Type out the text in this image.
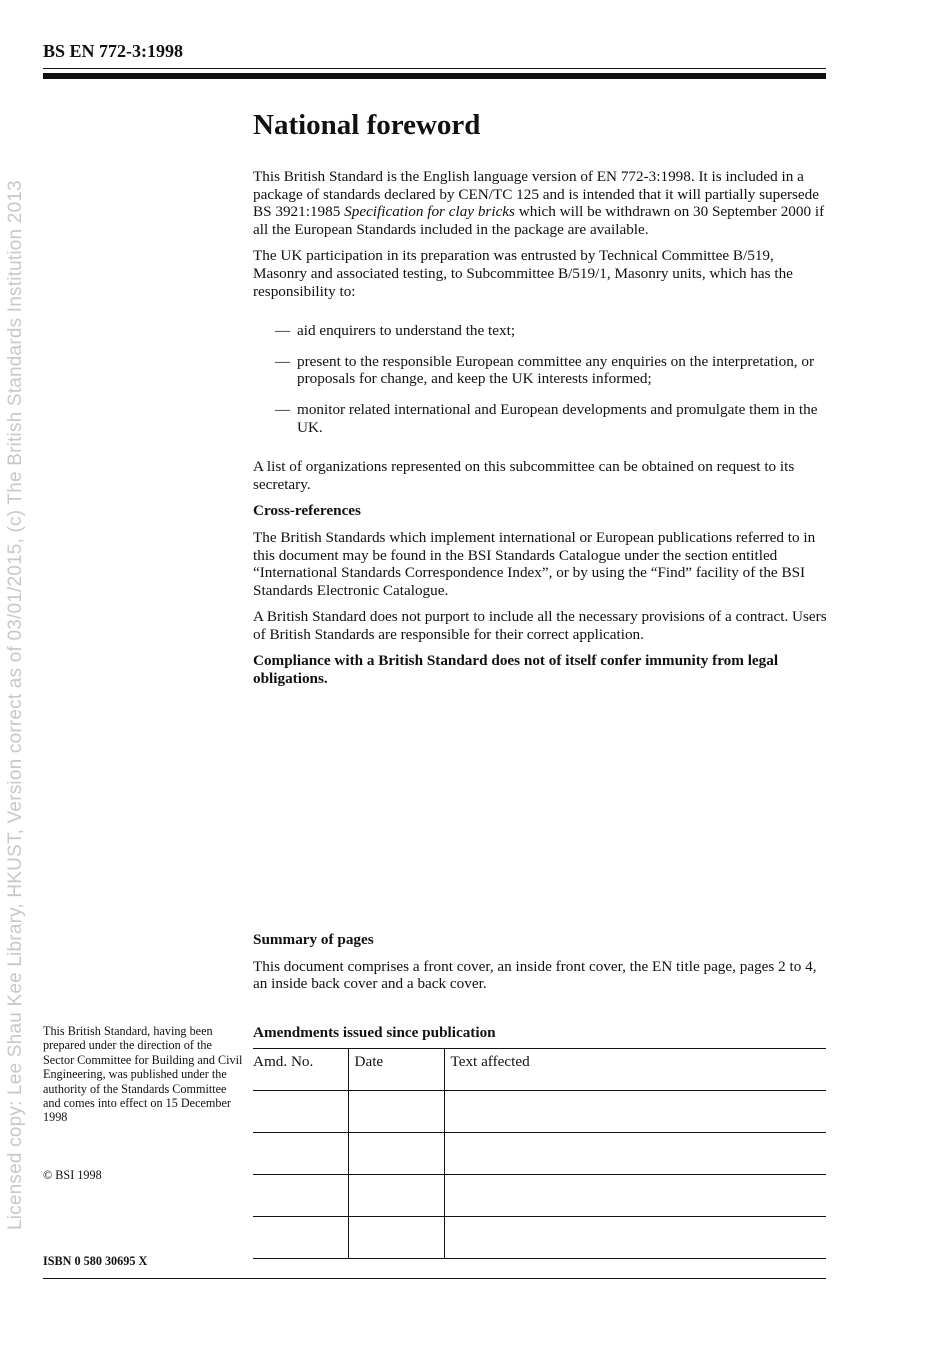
BS EN 772-3:1998
Licensed copy: Lee Shau Kee Library, HKUST, Version correct as of 03/01/2015, (c) The British Standards Institution 2013
National foreword

This British Standard is the English language version of EN 772-3:1998. It is included in a package of standards declared by CEN/TC 125 and is intended that it will partially supersede BS 3921:1985 Specification for clay bricks which will be withdrawn on 30 September 2000 if all the European Standards included in the package are available.

The UK participation in its preparation was entrusted by Technical Committee B/519, Masonry and associated testing, to Subcommittee B/519/1, Masonry units, which has the responsibility to:

— aid enquirers to understand the text;
— present to the responsible European committee any enquiries on the interpretation, or proposals for change, and keep the UK interests informed;
— monitor related international and European developments and promulgate them in the UK.

A list of organizations represented on this subcommittee can be obtained on request to its secretary.

Cross-references

The British Standards which implement international or European publications referred to in this document may be found in the BSI Standards Catalogue under the section entitled “International Standards Correspondence Index”, or by using the “Find” facility of the BSI Standards Electronic Catalogue.

A British Standard does not purport to include all the necessary provisions of a contract. Users of British Standards are responsible for their correct application.

Compliance with a British Standard does not of itself confer immunity from legal obligations.

Summary of pages

This document comprises a front cover, an inside front cover, the EN title page, pages 2 to 4, an inside back cover and a back cover.

Amendments issued since publication
Amd. No.	Date	Text affected

This British Standard, having been prepared under the direction of the Sector Committee for Building and Civil Engineering, was published under the authority of the Standards Committee and comes into effect on 15 December 1998
© BSI 1998
ISBN 0 580 30695 X
